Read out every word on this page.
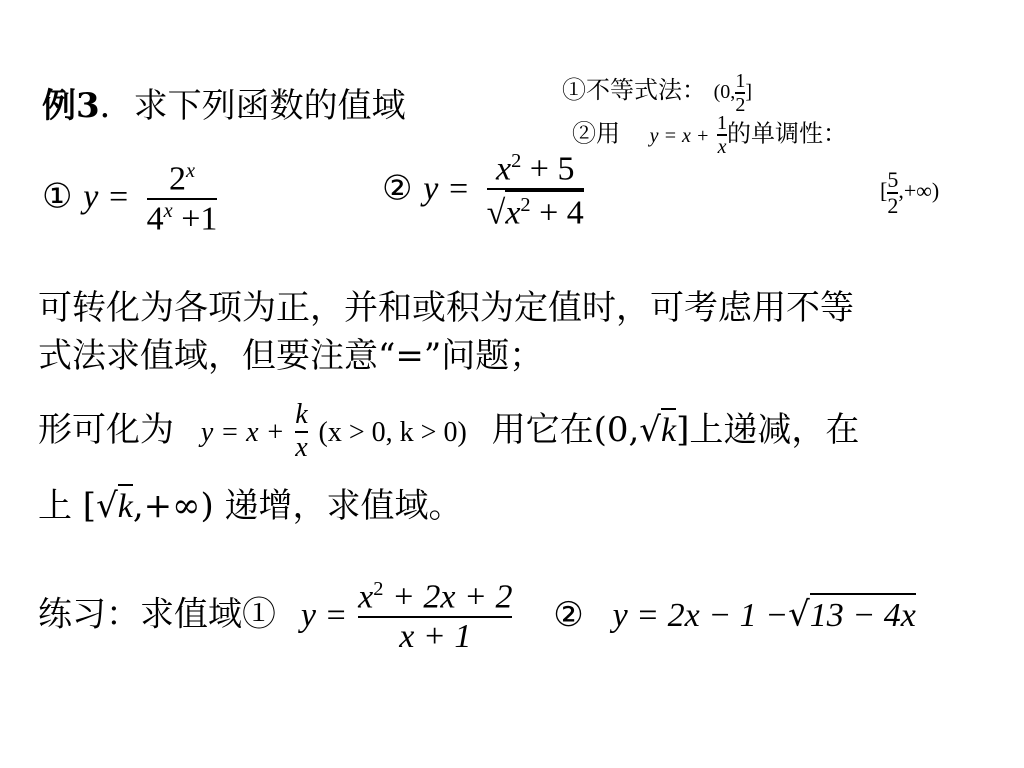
例3．求下列函数的值域	①不等式法： (0, $\frac{1}{2}$ ]
②用 $y = x + \frac{1}{x}$ 的单调性：
[ $\frac{5}{2}$ ,+∞)
① $y = \frac{2^x}{4^x +1}$	② $y = \frac{x^2 + 5}{√x^2 + 4}$
可转化为各项为正，并和或积为定值时，可考虑用不等
式法求值域，但要注意“=”问题；
形可化为 $y = x + \frac{k}{x} (x > 0$, k > 0) 用它在(0,√k]上递减，在
上 [√k,+∞) 递增，求值域。
练习：求值域① $y = \frac{x^2 + 2x + 2}{x + 1}$ ② y = 2x − 1 −√13 − 4x
